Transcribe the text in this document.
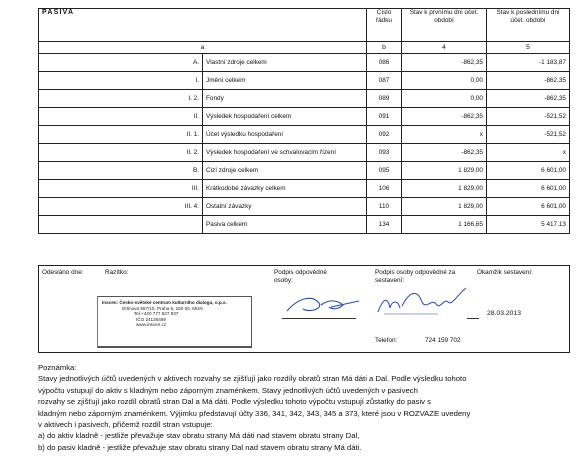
PASIVA		Číslo řádku	Stav k prvnímu dni účet. období	Stav k poslednímu dni účet. období
a		b	4	5
A.	Vlastní zdroje celkem	086	-862,35	-1 183,87
I.	Jmění celkem	087	0,00	-862,35
I. 2.	Fondy	089	0,00	-862,35
II.	Výsledek hospodaření celkem	091	-862,35	-521,52
II. 1.	Účet výsledku hospodaření	092	x	-521,52
II. 2.	Výsledek hospodaření ve schvalovacím řízení	093	-862,35	x
B.	Cizí zdroje celkem	095	1 829,00	6 601,00
III.	Krátkodobé závazky celkem	106	1 829,00	6 601,00
III. 4.	Ostatní závazky	110	1 829,00	6 601,00
	Pasiva celkem	134	1 166,65	5 417,13
Odesláno dne:	Razítko:	Podpis odpovědné osoby:
Podpis osoby odpovědné za sestavení:
Okamžik sestavení:
28.03.2013
Telefon:	724 159 702
Inscen: Česko-světské centrum kulturního dialogu, o.p.s.
Drtinova 557/10, Praha 5, 150 00, MUN
Tel.+420 777 627 837
IČO 24126489
www.inscen.cz
Poznámka:
Stavy jednotlivých účtů uvedených v aktivech rozvahy se zjišťují jako rozdíly obratů stran Má dáti a Dal. Podle výsledku tohoto
výpočtu vstupují do aktiv s kladným nebo záporným znaménkem. Stavy jednotlivých účtů uvedených v pasivech
rozvahy se zjišťují jako rozdíl obratů stran Dal a Má dáti. Podle výsledku tohoto výpočtu vstupují zůstatky do pasiv s
kladným nebo záporným znaménkem. Výjimku představují účty 336, 341, 342, 343, 345 a 373, které jsou v ROZVAZE uvedeny
v aktivech i pasivech, přičemž rozdíl stran vstupuje:
a) do aktiv kladně - jestliže převažuje stav obratu strany Má dáti nad stavem obratu strany Dal,
b) do pasiv kladně - jestliže převažuje stav obratu strany Dal nad stavem obratu strany Má dáti.
